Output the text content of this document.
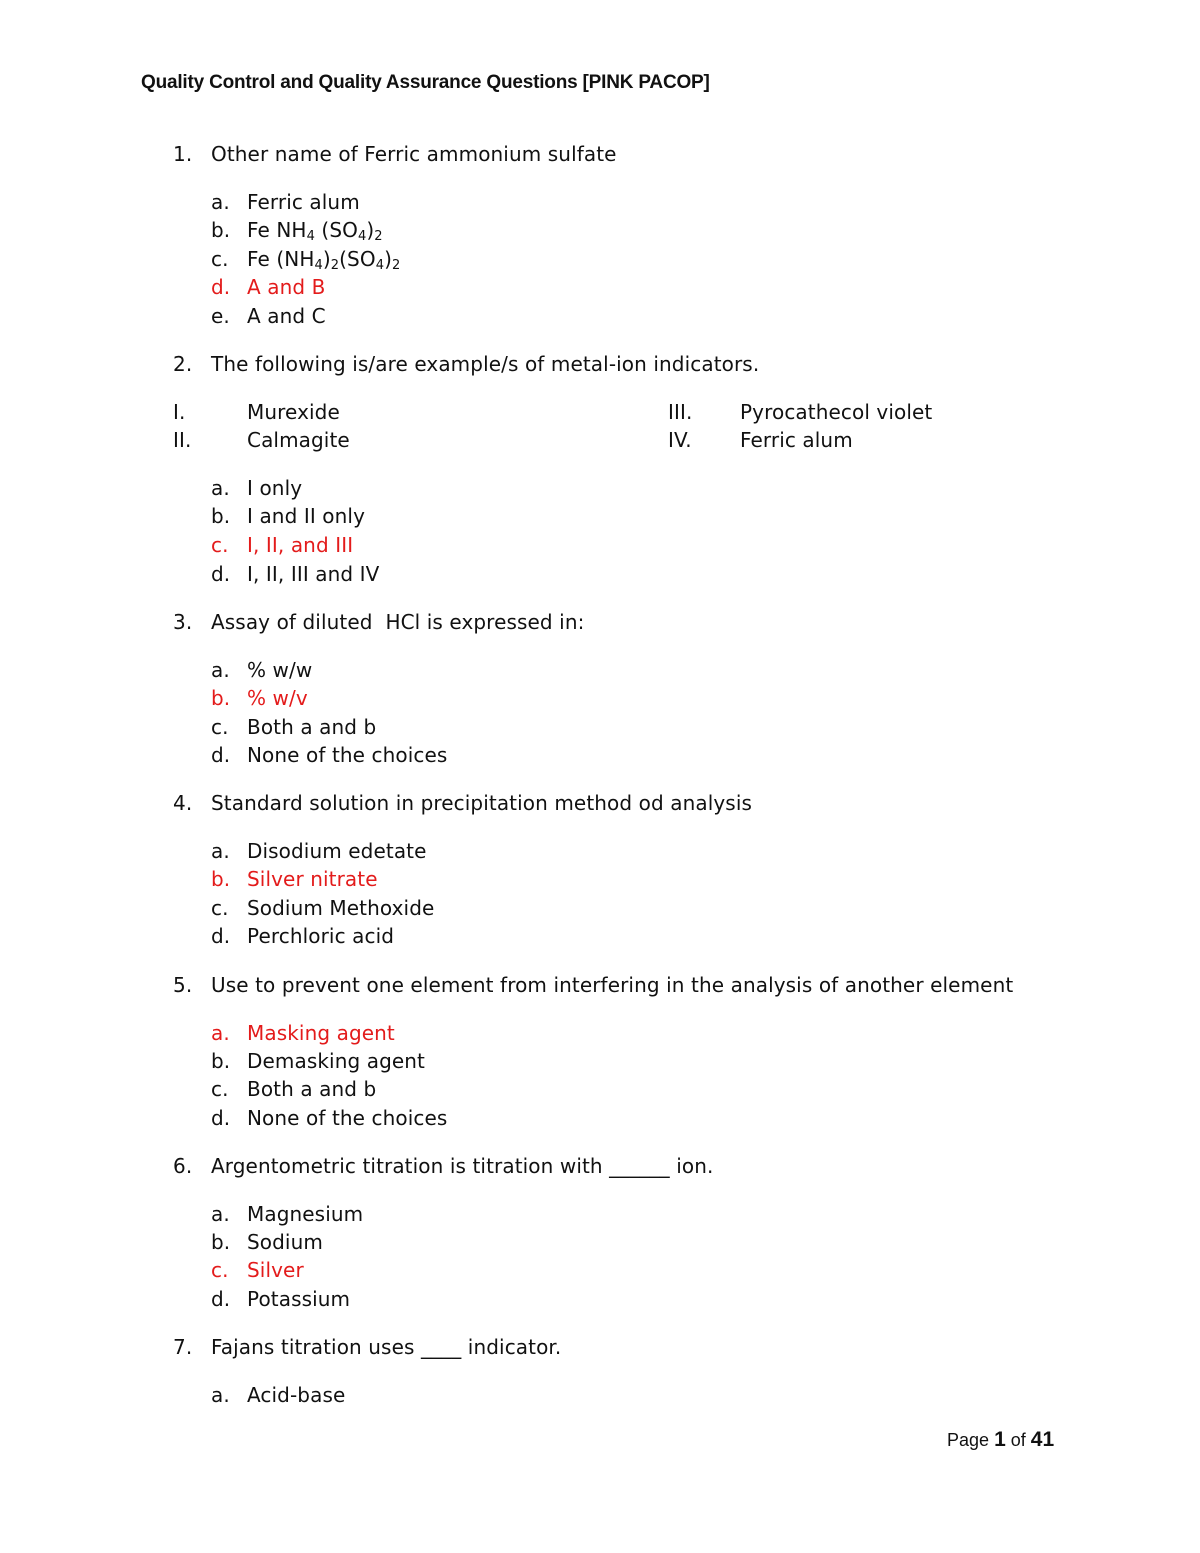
Quality Control and Quality Assurance Questions [PINK PACOP]
1. Other name of Ferric ammonium sulfate
a. Ferric alum
b. Fe $NH_4$ $(SO_4)_2$
c. Fe $(NH_4)_2(SO_4)_2$
d. A and B
e. A and C
2. The following is/are example/s of metal-ion indicators.
I.	Murexide	III. Pyrocathecol violet
II.	Calmagite	IV. Ferric alum
a. I only
b. I and II only
c. I, II, and III
d. I, II, III and IV
3. Assay of diluted  HCl is expressed in:
a. % w/w
b. % w/v
c. Both a and b
d. None of the choices
4. Standard solution in precipitation method od analysis
a. Disodium edetate
b. Silver nitrate
c. Sodium Methoxide
d. Perchloric acid
5. Use to prevent one element from interfering in the analysis of another element
a. Masking agent
b. Demasking agent
c. Both a and b
d. None of the choices
6. Argentometric titration is titration with ______ ion.
a. Magnesium
b. Sodium
c. Silver
d. Potassium
7. Fajans titration uses ____ indicator.
a. Acid-base
Page 1 of 41
